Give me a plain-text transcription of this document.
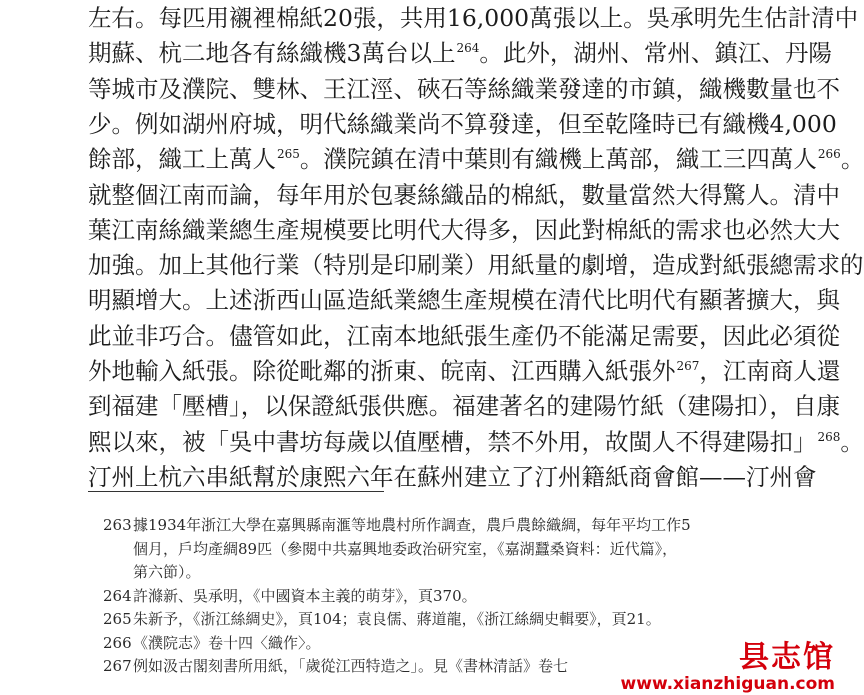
左右。每匹用襯裡棉紙20張，共用16,000萬張以上。吳承明先生估計清中
期蘇、杭二地各有絲織機3萬台以上$^{264}$。此外，湖州、常州、鎮江、丹陽
等城市及濮院、雙林、王江涇、硤石等絲織業發達的市鎮，織機數量也不
少。例如湖州府城，明代絲織業尚不算發達，但至乾隆時已有織機4,000
餘部，織工上萬人$^{265}$。濮院鎮在清中葉則有織機上萬部，織工三四萬人$^{266}$。
就整個江南而論，每年用於包裹絲織品的棉紙，數量當然大得驚人。清中
葉江南絲織業總生產規模要比明代大得多，因此對棉紙的需求也必然大大
加強。加上其他行業（特別是印刷業）用紙量的劇增，造成對紙張總需求的
明顯增大。上述浙西山區造紙業總生產規模在清代比明代有顯著擴大，與
此並非巧合。儘管如此，江南本地紙張生產仍不能滿足需要，因此必須從
外地輸入紙張。除從毗鄰的浙東、皖南、江西購入紙張外$^{267}$，江南商人還
到福建「壓槽」，以保證紙張供應。福建著名的建陽竹紙（建陽扣），自康
熙以來，被「吳中書坊每歲以值壓槽，禁不外用，故閩人不得建陽扣」$^{268}$。
汀州上杭六串紙幫於康熙六年在蘇州建立了汀州籍紙商會館——汀州會
263據1934年浙江大學在嘉興縣南滙等地農村所作調查，農戶農餘織綢，每年平均工作5
個月，戶均產綢89匹（參閱中共嘉興地委政治研究室，《嘉湖蠶桑資料：近代篇》，
第六節）。
264許滌新、吳承明，《中國資本主義的萌芽》，頁370。
265朱新予，《浙江絲綢史》，頁104；袁良儒、蔣道龍，《浙江絲綢史輯要》，頁21。
266《濮院志》卷十四〈織作〉。
267例如汲古閣刻書所用紙，「歲從江西特造之」。見《書林清話》卷七	县志馆
www.xianzhiguan.com
